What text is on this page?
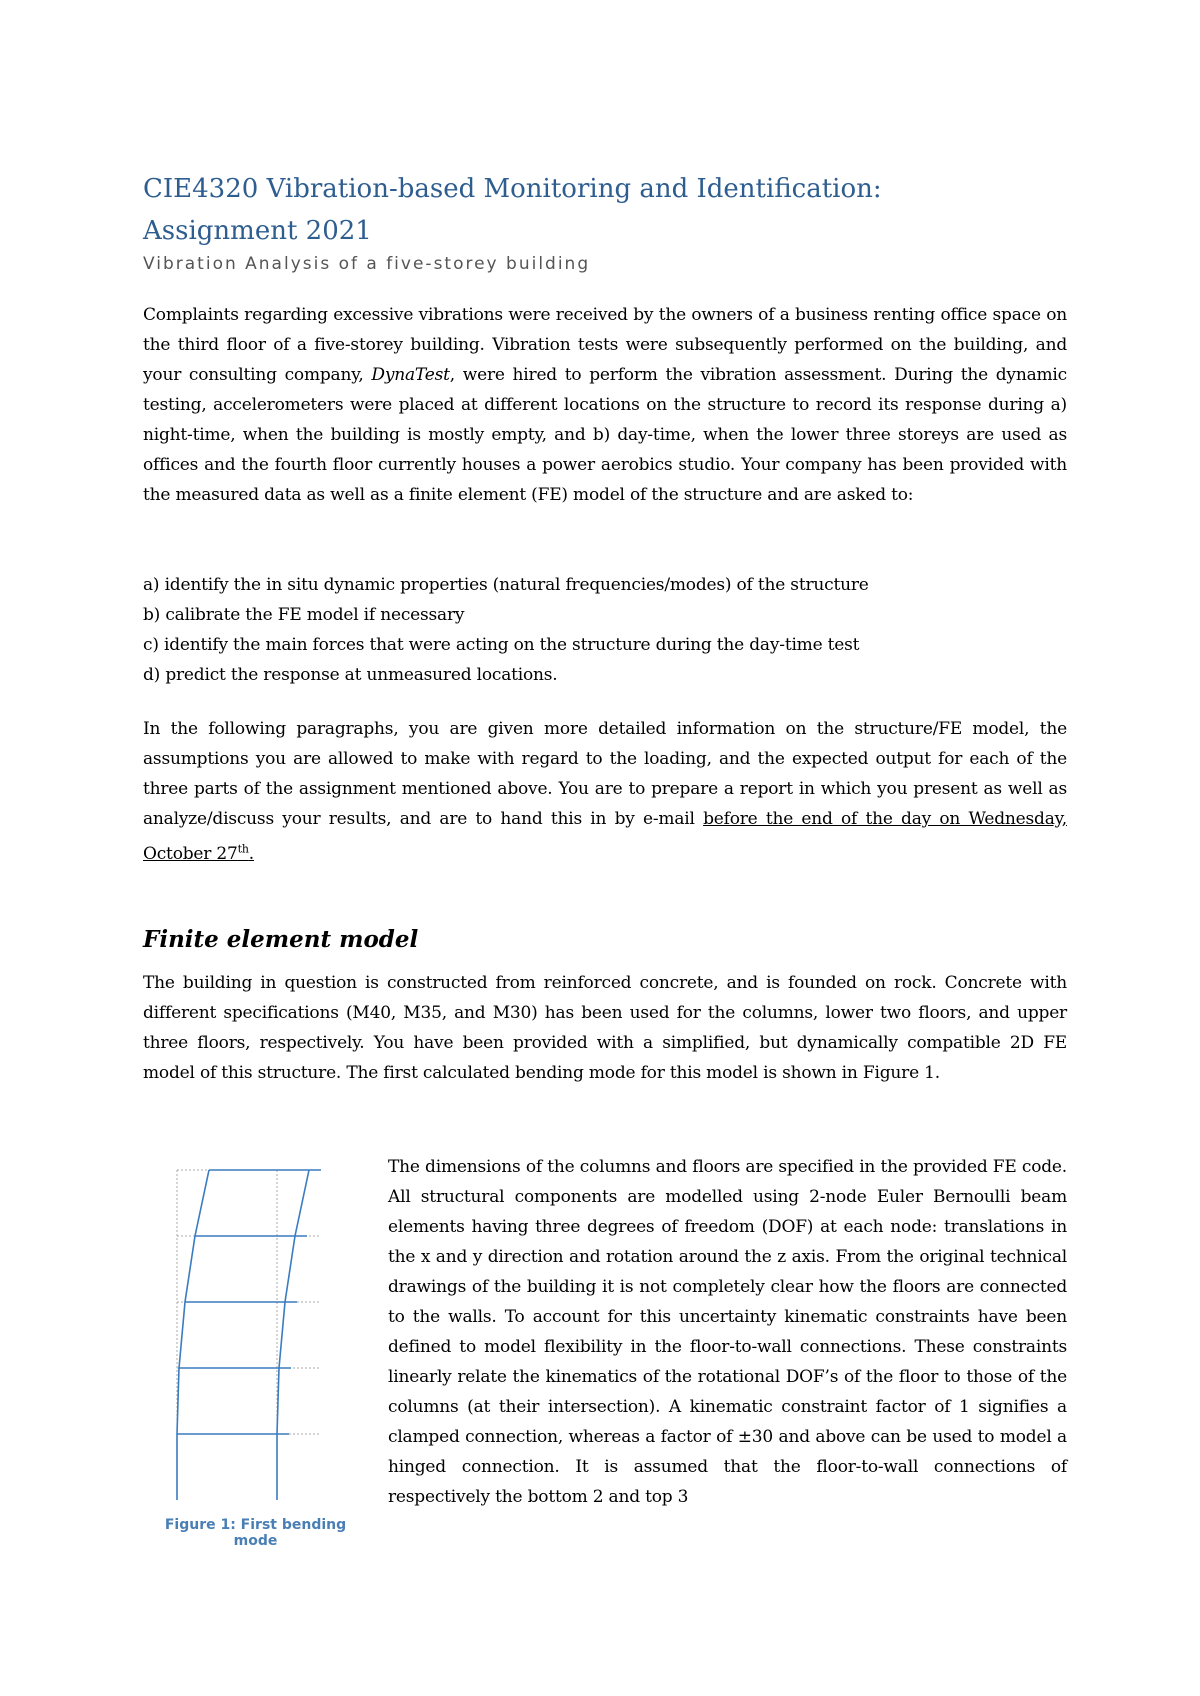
CIE4320 Vibration-based Monitoring and Identification:
Assignment 2021
Vibration Analysis of a five-storey building

Complaints regarding excessive vibrations were received by the owners of a business renting office space on the third floor of a five-storey building. Vibration tests were subsequently performed on the building, and your consulting company, DynaTest, were hired to perform the vibration assessment. During the dynamic testing, accelerometers were placed at different locations on the structure to record its response during a) night-time, when the building is mostly empty, and b) day-time, when the lower three storeys are used as offices and the fourth floor currently houses a power aerobics studio. Your company has been provided with the measured data as well as a finite element (FE) model of the structure and are asked to:

a) identify the in situ dynamic properties (natural frequencies/modes) of the structure
b) calibrate the FE model if necessary
c) identify the main forces that were acting on the structure during the day-time test
d) predict the response at unmeasured locations.

In the following paragraphs, you are given more detailed information on the structure/FE model, the assumptions you are allowed to make with regard to the loading, and the expected output for each of the three parts of the assignment mentioned above. You are to prepare a report in which you present as well as analyze/discuss your results, and are to hand this in by e-mail before the end of the day on Wednesday, October 27th.

Finite element model

The building in question is constructed from reinforced concrete, and is founded on rock. Concrete with different specifications (M40, M35, and M30) has been used for the columns, lower two floors, and upper three floors, respectively. You have been provided with a simplified, but dynamically compatible 2D FE model of this structure. The first calculated bending mode for this model is shown in Figure 1.

Figure 1: First bending mode

The dimensions of the columns and floors are specified in the provided FE code. All structural components are modelled using 2-node Euler Bernoulli beam elements having three degrees of freedom (DOF) at each node: translations in the x and y direction and rotation around the z axis. From the original technical drawings of the building it is not completely clear how the floors are connected to the walls. To account for this uncertainty kinematic constraints have been defined to model flexibility in the floor-to-wall connections. These constraints linearly relate the kinematics of the rotational DOF’s of the floor to those of the columns (at their intersection). A kinematic constraint factor of 1 signifies a clamped connection, whereas a factor of ±30 and above can be used to model a hinged connection. It is assumed that the floor-to-wall connections of respectively the bottom 2 and top 3
